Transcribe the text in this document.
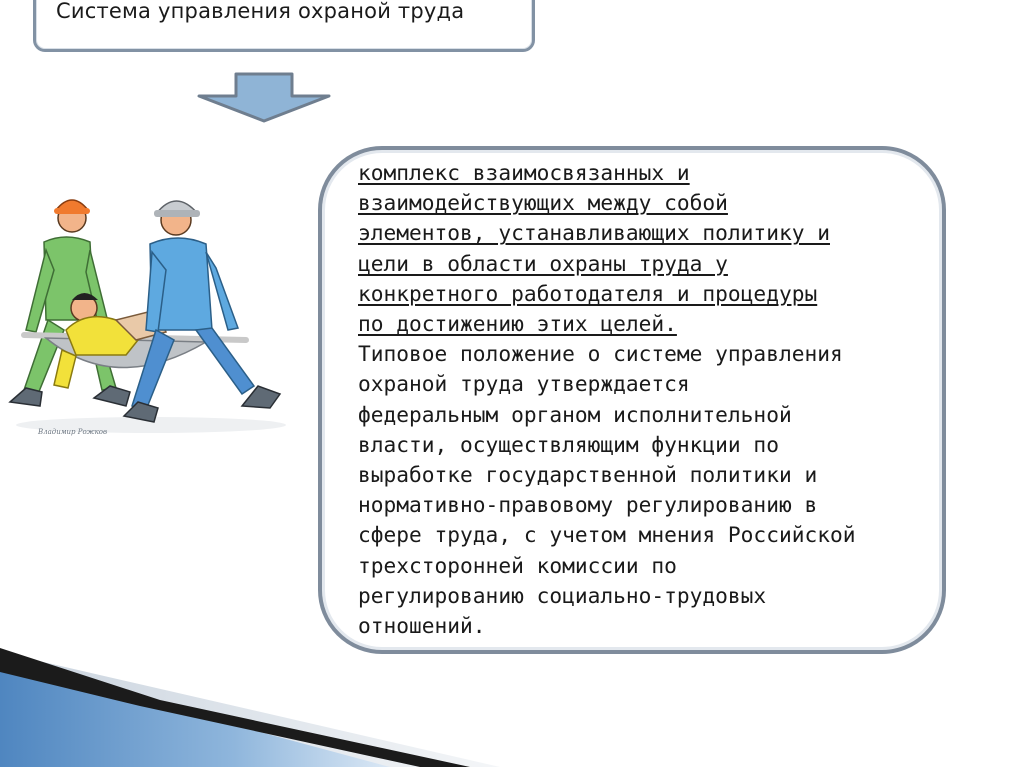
Система управления охраной труда
Владимир Рожков
комплекс взаимосвязанных и
взаимодействующих между собой
элементов, устанавливающих политику и
цели в области охраны труда у
конкретного работодателя и процедуры
по достижению этих целей.
Типовое положение о системе управления
охраной труда утверждается
федеральным органом исполнительной
власти, осуществляющим функции по
выработке государственной политики и
нормативно-правовому регулированию в
сфере труда, с учетом мнения Российской
трехсторонней комиссии по
регулированию социально-трудовых
отношений.
